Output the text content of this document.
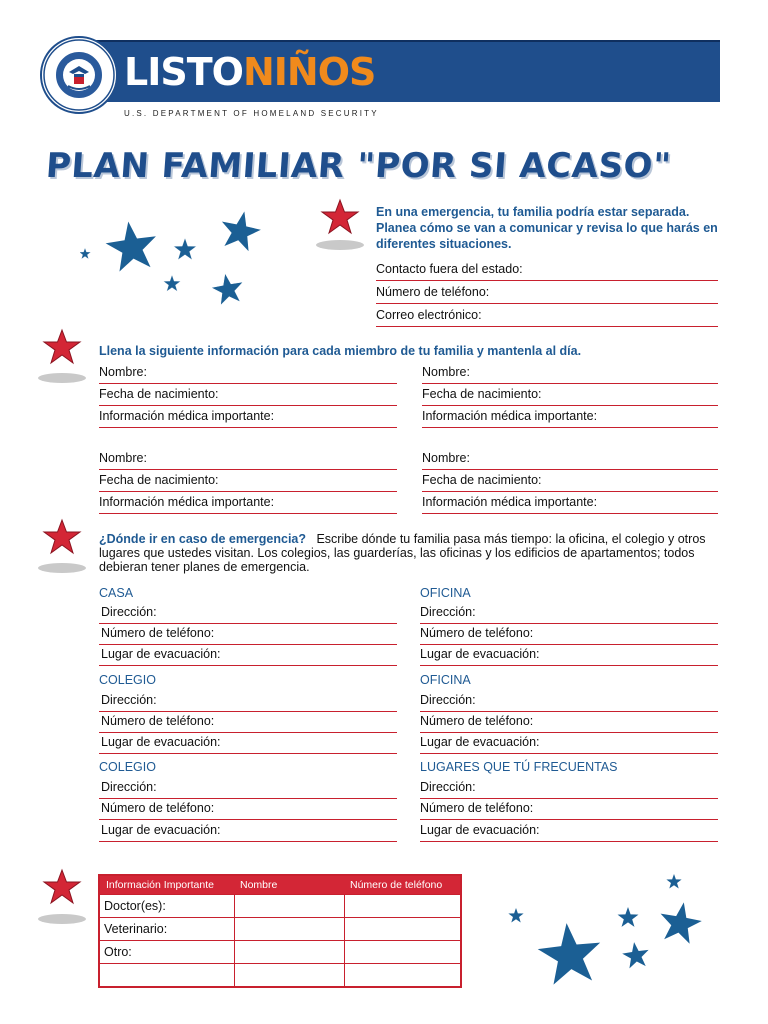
LISTONIÑOS
U.S. DEPARTMENT OF HOMELAND SECURITY
PLAN FAMILIAR "POR SI ACASO"
En una emergencia, tu familia podría estar separada. Planea cómo se van a comunicar y revisa lo que harás en diferentes situaciones.
Contacto fuera del estado:
Número de teléfono:
Correo electrónico:
Llena la siguiente información para cada miembro de tu familia y mantenla al día.
Nombre:
Fecha de nacimiento:
Información médica importante:
Nombre:
Fecha de nacimiento:
Información médica importante:
Nombre:
Fecha de nacimiento:
Información médica importante:
Nombre:
Fecha de nacimiento:
Información médica importante:
¿Dónde ir en caso de emergencia? Escribe dónde tu familia pasa más tiempo: la oficina, el colegio y otros lugares que ustedes visitan. Los colegios, las guarderías, las oficinas y los edificios de apartamentos; todos debieran tener planes de emergencia.
CASA
Dirección:
Número de teléfono:
Lugar de evacuación:
COLEGIO
Dirección:
Número de teléfono:
Lugar de evacuación:
COLEGIO
Dirección:
Número de teléfono:
Lugar de evacuación:
OFICINA
Dirección:
Número de teléfono:
Lugar de evacuación:
OFICINA
Dirección:
Número de teléfono:
Lugar de evacuación:
LUGARES QUE TÚ FRECUENTAS
Dirección:
Número de teléfono:
Lugar de evacuación:
Información Importante	Nombre	Número de teléfono
Doctor(es):		
Veterinario:		
Otro:		
